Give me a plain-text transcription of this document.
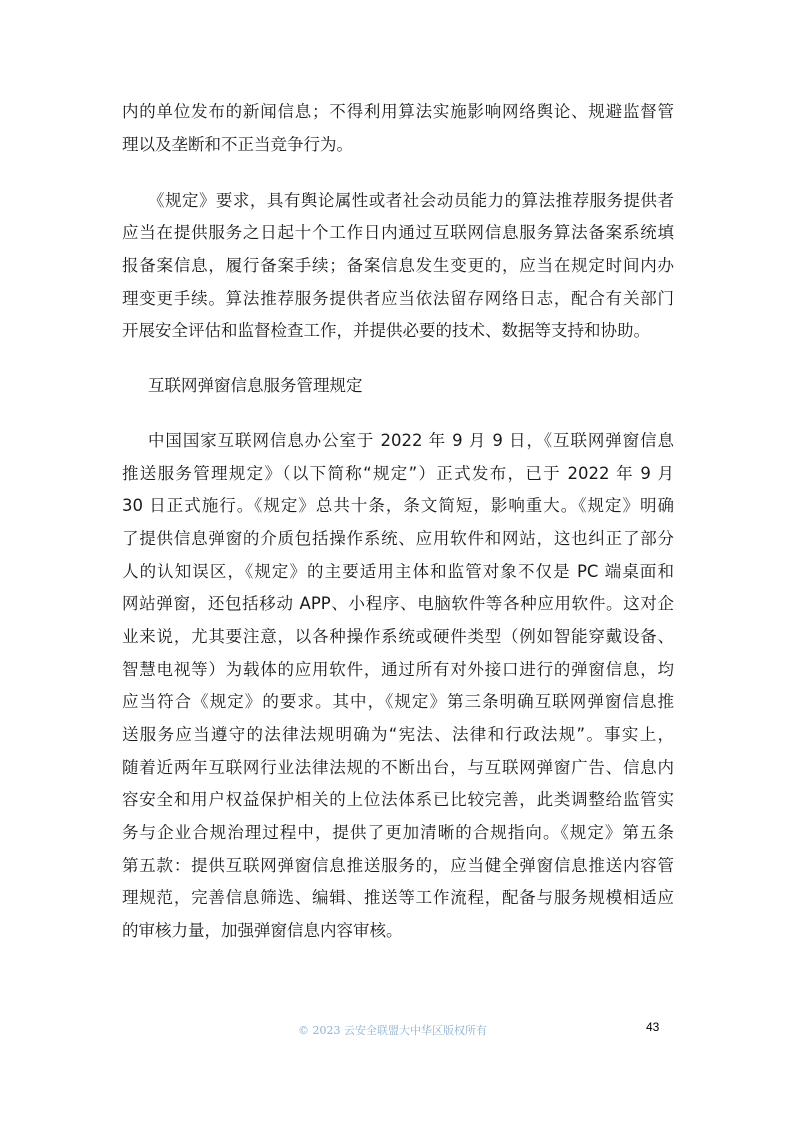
内的单位发布的新闻信息；不得利用算法实施影响网络舆论、规避监督管
理以及垄断和不正当竞争行为。
《规定》要求，具有舆论属性或者社会动员能力的算法推荐服务提供者
应当在提供服务之日起十个工作日内通过互联网信息服务算法备案系统填
报备案信息，履行备案手续；备案信息发生变更的，应当在规定时间内办
理变更手续。算法推荐服务提供者应当依法留存网络日志，配合有关部门
开展安全评估和监督检查工作，并提供必要的技术、数据等支持和协助。
互联网弹窗信息服务管理规定
中国国家互联网信息办公室于 2022 年 9 月 9 日，《互联网弹窗信息
推送服务管理规定》（以下简称“规定”）正式发布，已于 2022 年 9 月
30 日正式施行。《规定》总共十条，条文简短，影响重大。《规定》明确
了提供信息弹窗的介质包括操作系统、应用软件和网站，这也纠正了部分
人的认知误区，《规定》的主要适用主体和监管对象不仅是 PC 端桌面和
网站弹窗，还包括移动 APP、小程序、电脑软件等各种应用软件。这对企
业来说，尤其要注意，以各种操作系统或硬件类型（例如智能穿戴设备、
智慧电视等）为载体的应用软件，通过所有对外接口进行的弹窗信息，均
应当符合《规定》的要求。其中，《规定》第三条明确互联网弹窗信息推
送服务应当遵守的法律法规明确为“宪法、法律和行政法规”。事实上，
随着近两年互联网行业法律法规的不断出台，与互联网弹窗广告、信息内
容安全和用户权益保护相关的上位法体系已比较完善，此类调整给监管实
务与企业合规治理过程中，提供了更加清晰的合规指向。《规定》第五条
第五款：提供互联网弹窗信息推送服务的，应当健全弹窗信息推送内容管
理规范，完善信息筛选、编辑、推送等工作流程，配备与服务规模相适应
的审核力量，加强弹窗信息内容审核。
© 2023 云安全联盟大中华区版权所有	43
